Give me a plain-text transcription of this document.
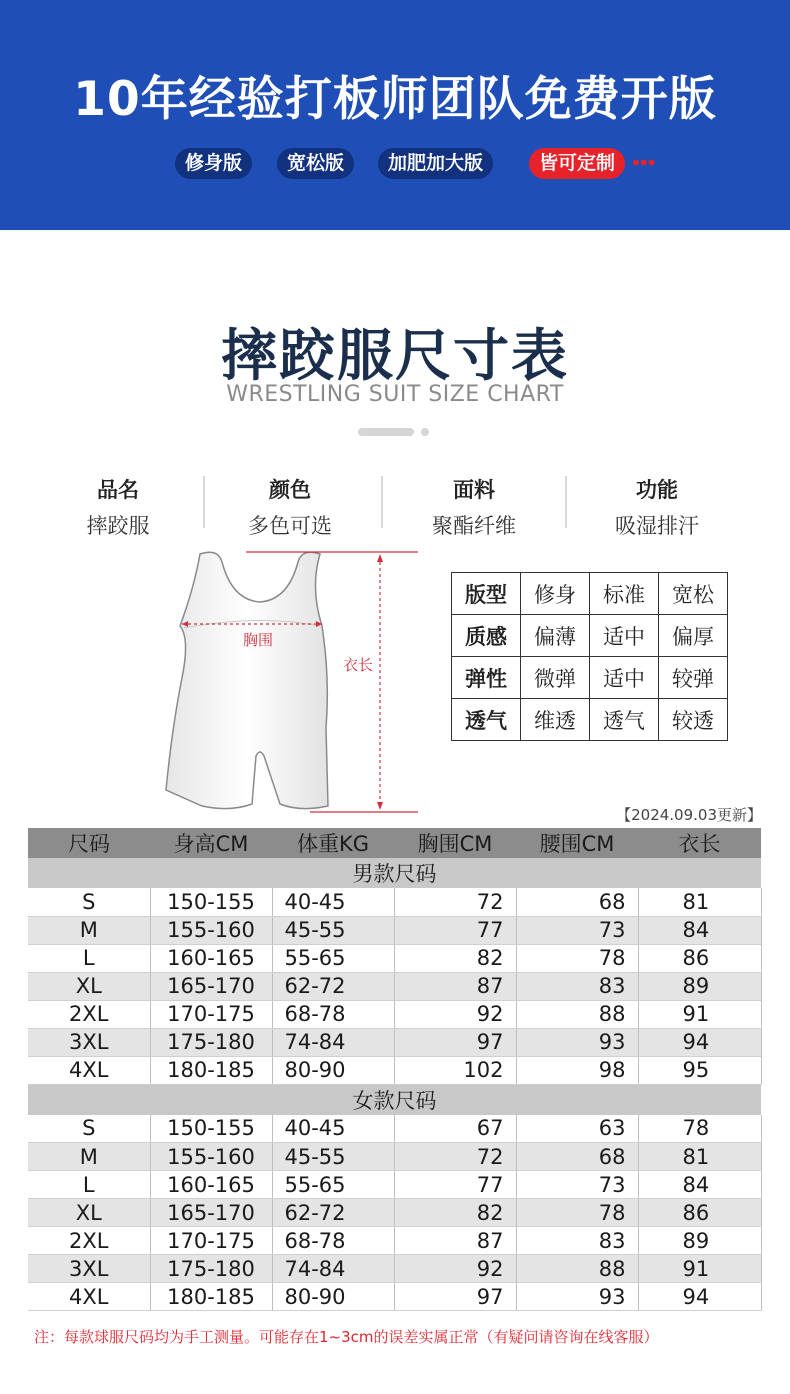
10年经验打板师团队免费开版
修身版	宽松版	加肥加大版	皆可定制 •••
摔跤服尺寸表
WRESTLING SUIT SIZE CHART
品名
摔跤服
颜色
多色可选
面料
聚酯纤维
功能
吸湿排汗
胸围
衣长
版型	修身	标准	宽松
质感	偏薄	适中	偏厚
弹性	微弹	适中	较弹
透气	维透	透气	较透
【2024.09.03更新】
尺码	身高CM	体重KG	胸围CM	腰围CM	衣长
男款尺码					
S	150-155	40-45	72	68	81
M	155-160	45-55	77	73	84
L	160-165	55-65	82	78	86
XL	165-170	62-72	87	83	89
2XL	170-175	68-78	92	88	91
3XL	175-180	74-84	97	93	94
4XL	180-185	80-90	102	98	95
女款尺码					
S	150-155	40-45	67	63	78
M	155-160	45-55	72	68	81
L	160-165	55-65	77	73	84
XL	165-170	62-72	82	78	86
2XL	170-175	68-78	87	83	89
3XL	175-180	74-84	92	88	91
4XL	180-185	80-90	97	93	94
注：每款球服尺码均为手工测量。可能存在1~3cm的误差实属正常（有疑问请咨询在线客服）
